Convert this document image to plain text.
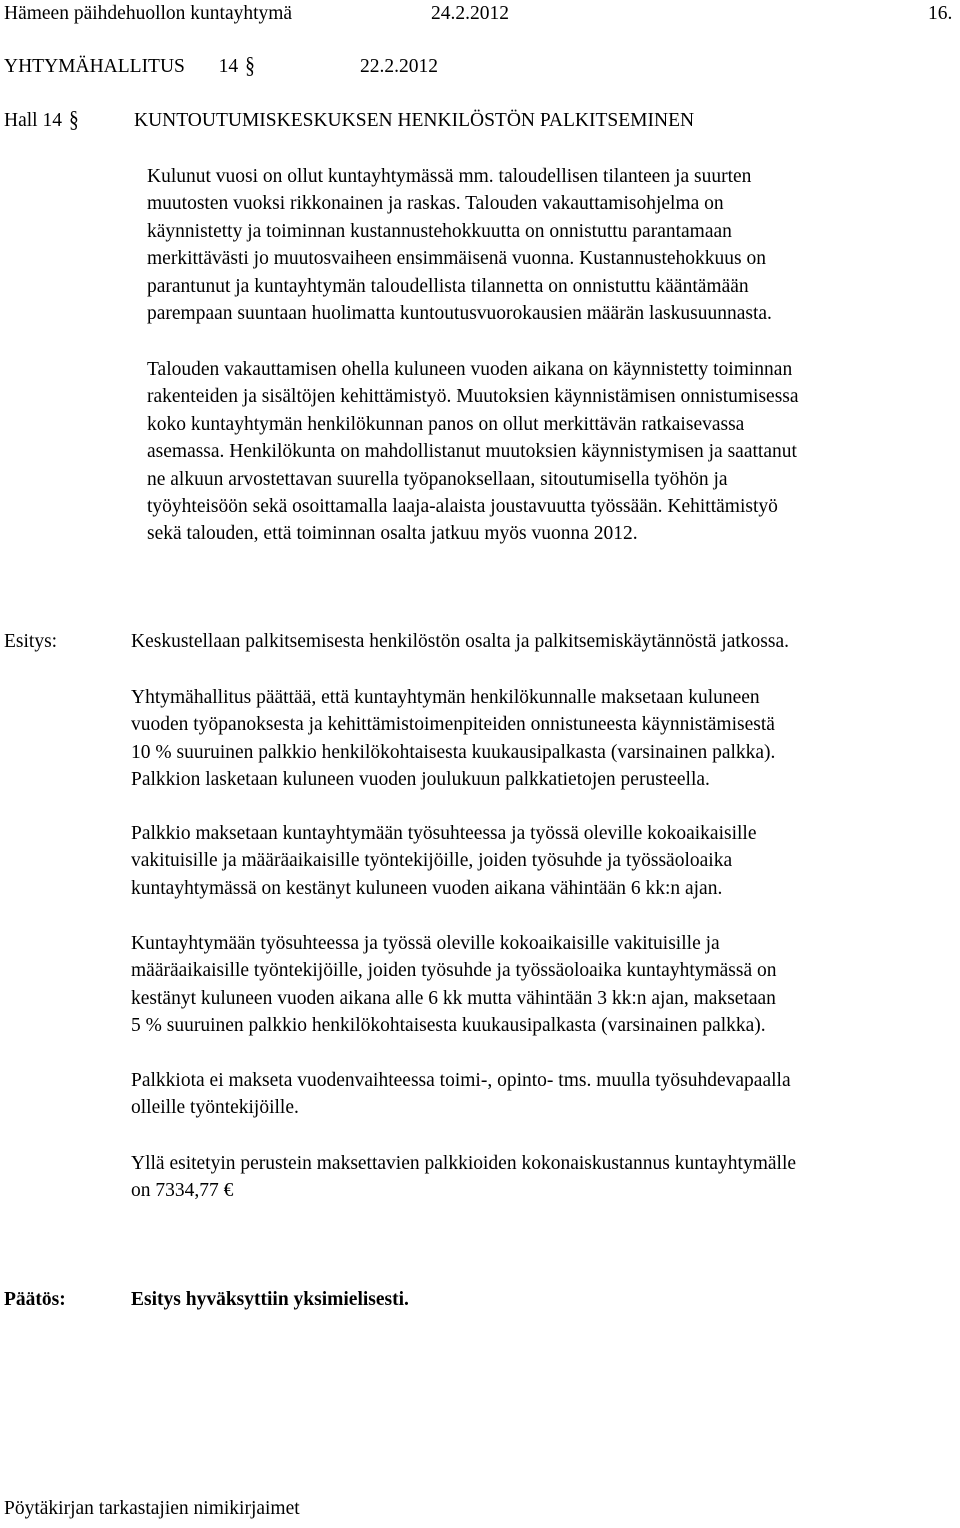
Hämeen päihdehuollon kuntayhtymä	24.2.2012	16.
YHTYMÄHALLITUS 14 §	22.2.2012
Hall 14 §	KUNTOUTUMISKESKUKSEN HENKILÖSTÖN PALKITSEMINEN
Kulunut vuosi on ollut kuntayhtymässä mm. taloudellisen tilanteen ja suurten
muutosten vuoksi rikkonainen ja raskas. Talouden vakauttamisohjelma on
käynnistetty ja toiminnan kustannustehokkuutta on onnistuttu parantamaan
merkittävästi jo muutosvaiheen ensimmäisenä vuonna. Kustannustehokkuus on
parantunut ja kuntayhtymän taloudellista tilannetta on onnistuttu kääntämään
parempaan suuntaan huolimatta kuntoutusvuorokausien määrän laskusuunnasta.
Talouden vakauttamisen ohella kuluneen vuoden aikana on käynnistetty toiminnan
rakenteiden ja sisältöjen kehittämistyö. Muutoksien käynnistämisen onnistumisessa
koko kuntayhtymän henkilökunnan panos on ollut merkittävän ratkaisevassa
asemassa. Henkilökunta on mahdollistanut muutoksien käynnistymisen ja saattanut
ne alkuun arvostettavan suurella työpanoksellaan, sitoutumisella työhön ja
työyhteisöön sekä osoittamalla laaja-alaista joustavuutta työssään. Kehittämistyö
sekä talouden, että toiminnan osalta jatkuu myös vuonna 2012.
Esitys:	Keskustellaan palkitsemisesta henkilöstön osalta ja palkitsemiskäytännöstä jatkossa.
Yhtymähallitus päättää, että kuntayhtymän henkilökunnalle maksetaan kuluneen
vuoden työpanoksesta ja kehittämistoimenpiteiden onnistuneesta käynnistämisestä
10 % suuruinen palkkio henkilökohtaisesta kuukausipalkasta (varsinainen palkka).
Palkkion lasketaan kuluneen vuoden joulukuun palkkatietojen perusteella.
Palkkio maksetaan kuntayhtymään työsuhteessa ja työssä oleville kokoaikaisille
vakituisille ja määräaikaisille työntekijöille, joiden työsuhde ja työssäoloaika
kuntayhtymässä on kestänyt kuluneen vuoden aikana vähintään 6 kk:n ajan.
Kuntayhtymään työsuhteessa ja työssä oleville kokoaikaisille vakituisille ja
määräaikaisille työntekijöille, joiden työsuhde ja työssäoloaika kuntayhtymässä on
kestänyt kuluneen vuoden aikana alle 6 kk mutta vähintään 3 kk:n ajan, maksetaan
5 % suuruinen palkkio henkilökohtaisesta kuukausipalkasta (varsinainen palkka).
Palkkiota ei makseta vuodenvaihteessa toimi-, opinto- tms. muulla työsuhdevapaalla
olleille työntekijöille.
Yllä esitetyin perustein maksettavien palkkioiden kokonaiskustannus kuntayhtymälle
on 7334,77 €
Päätös:	Esitys hyväksyttiin yksimielisesti.
Pöytäkirjan tarkastajien nimikirjaimet
